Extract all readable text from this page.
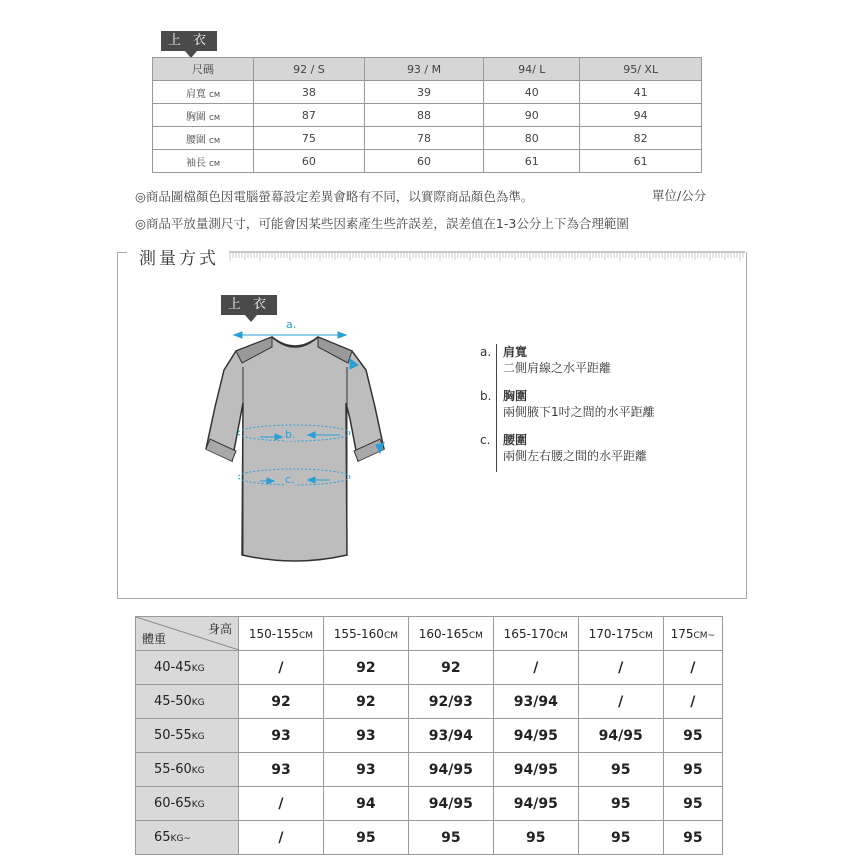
上 衣
尺碼	92 / S	93 / M	94/ L	95/ XL
肩寬 CM	38	39	40	41
胸圍 CM	87	88	90	94
腰圍 CM	75	78	80	82
袖長 CM	60	60	61	61
◎商品圖檔顏色因電腦螢幕設定差異會略有不同，以實際商品顏色為準。	單位/公分
◎商品平放量測尺寸，可能會因某些因素產生些許誤差，誤差值在1-3公分上下為合理範圍
測量方式
上 衣
a.
b.
c.
a. 肩寬
二側肩線之水平距離
b. 胸圍
兩側腋下1吋之間的水平距離
c. 腰圍
兩側左右腰之間的水平距離
身高
體重	150-155CM	155-160CM	160-165CM	165-170CM	170-175CM	175CM~
40-45KG	/	92	92	/	/	/
45-50KG	92	92	92/93	93/94	/	/
50-55KG	93	93	93/94	94/95	94/95	95
55-60KG	93	93	94/95	94/95	95	95
60-65KG	/	94	94/95	94/95	95	95
65KG~	/	95	95	95	95	95
